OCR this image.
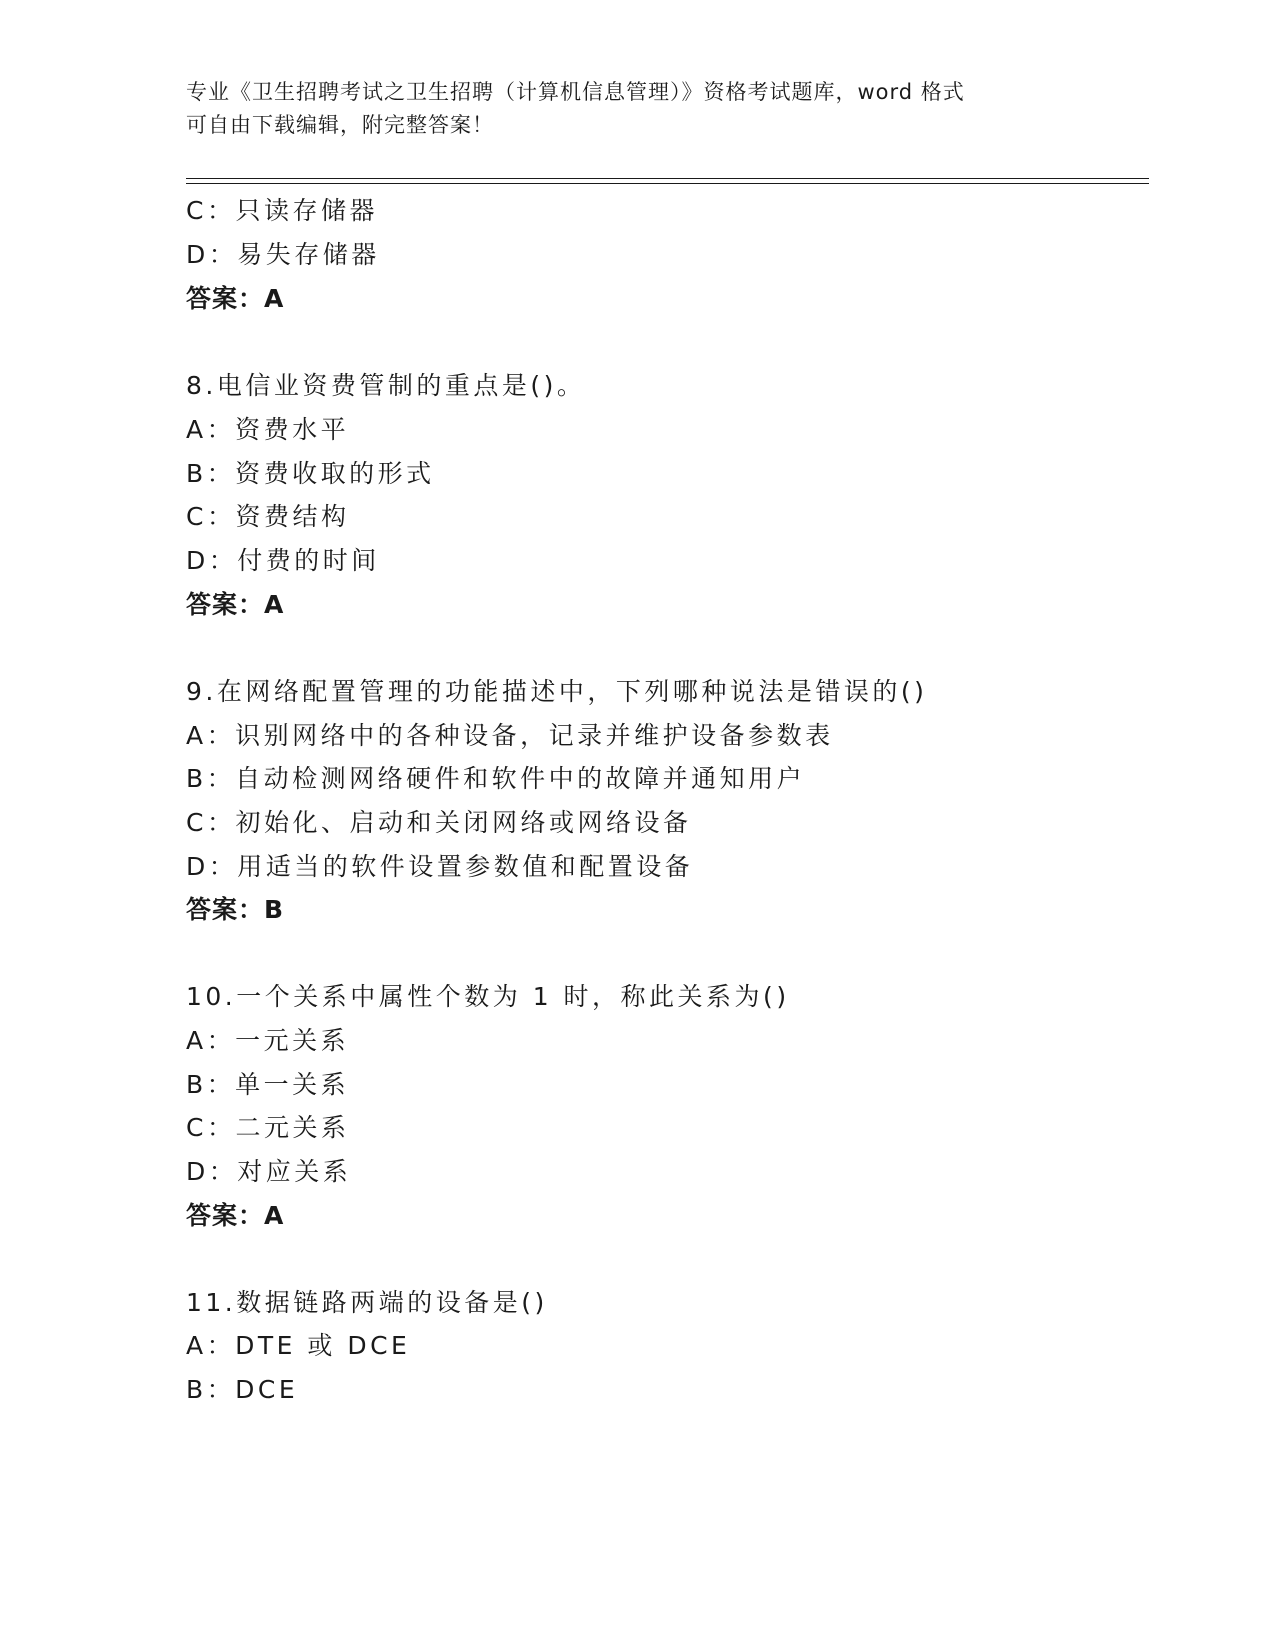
专业《卫生招聘考试之卫生招聘（计算机信息管理）》资格考试题库，word 格式
可自由下载编辑，附完整答案！
C：只读存储器
D：易失存储器
答案：A
8.电信业资费管制的重点是()。
A：资费水平
B：资费收取的形式
C：资费结构
D：付费的时间
答案：A
9.在网络配置管理的功能描述中，下列哪种说法是错误的()
A：识别网络中的各种设备，记录并维护设备参数表
B：自动检测网络硬件和软件中的故障并通知用户
C：初始化、启动和关闭网络或网络设备
D：用适当的软件设置参数值和配置设备
答案：B
10.一个关系中属性个数为 1 时，称此关系为()
A：一元关系
B：单一关系
C：二元关系
D：对应关系
答案：A
11.数据链路两端的设备是()
A：DTE 或 DCE
B：DCE
